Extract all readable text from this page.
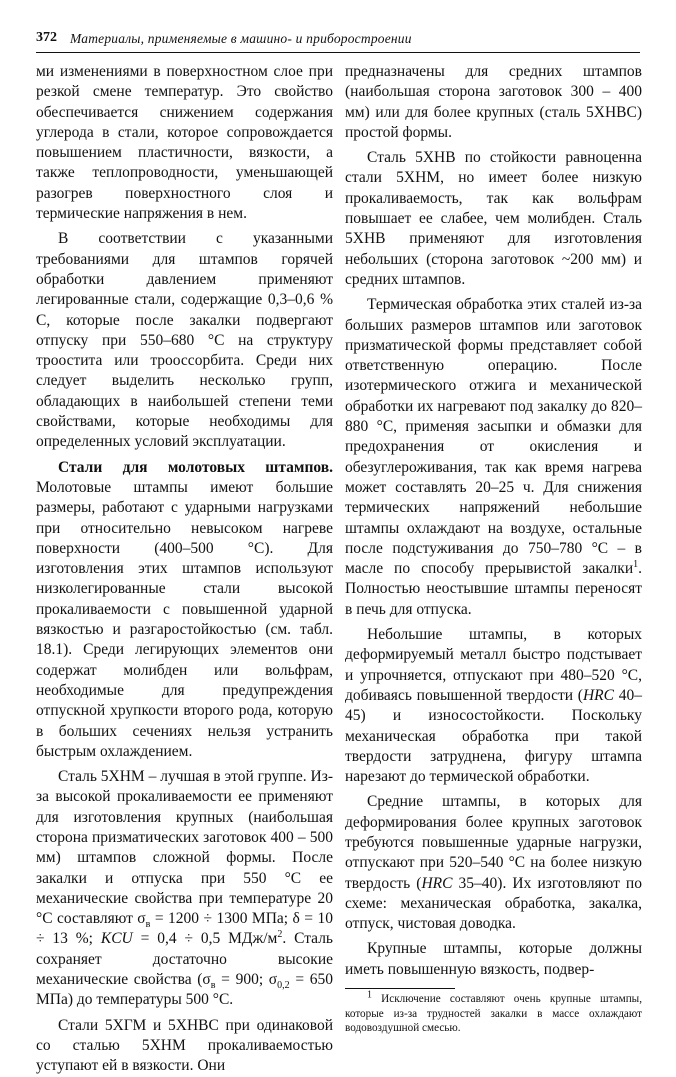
372 Материалы, применяемые в машино- и приборостроении

ми изменениями в поверхностном слое при резкой смене температур. Это свойство обеспечивается снижением содержания углерода в стали, которое сопровождается повышением пластичности, вязкости, а также теплопроводности, уменьшающей разогрев поверхностного слоя и термические напряжения в нем.

В соответствии с указанными требованиями для штампов горячей обработки давлением применяют легированные стали, содержащие 0,3–0,6 % С, которые после закалки подвергают отпуску при 550–680 °С на структуру троостита или трооссорбита. Среди них следует выделить несколько групп, обладающих в наибольшей степени теми свойствами, которые необходимы для определенных условий эксплуатации.

Стали для молотовых штампов. Молотовые штампы имеют большие размеры, работают с ударными нагрузками при относительно невысоком нагреве поверхности (400–500 °С). Для изготовления этих штампов используют низколегированные стали высокой прокаливаемости с повышенной ударной вязкостью и разгаростойкостью (см. табл. 18.1). Среди легирующих элементов они содержат молибден или вольфрам, необходимые для предупреждения отпускной хрупкости второго рода, которую в больших сечениях нельзя устранить быстрым охлаждением.

Сталь 5ХНМ – лучшая в этой группе. Из-за высокой прокаливаемости ее применяют для изготовления крупных (наибольшая сторона призматических заготовок 400 – 500 мм) штампов сложной формы. После закалки и отпуска при 550 °С ее механические свойства при температуре 20 °С составляют $\sigma_в = 1200 \div 1300$ МПа; δ = 10 ÷ 13 %; KCU = 0,4 ÷ 0,5 МДж/$м^2$. Сталь сохраняет достаточно высокие механические свойства ($\sigma_в = 900$; $\sigma_{0,2} = 650$ МПа) до температуры 500 °С.

Стали 5ХГМ и 5ХНВС при одинаковой со сталью 5ХНМ прокаливаемостью уступают ей в вязкости. Они

предназначены для средних штампов (наибольшая сторона заготовок 300 – 400 мм) или для более крупных (сталь 5ХНВС) простой формы.

Сталь 5ХНВ по стойкости равноценна стали 5ХНМ, но имеет более низкую прокаливаемость, так как вольфрам повышает ее слабее, чем молибден. Сталь 5ХНВ применяют для изготовления небольших (сторона заготовок ~200 мм) и средних штампов.

Термическая обработка этих сталей из-за больших размеров штампов или заготовок призматической формы представляет собой ответственную операцию. После изотермического отжига и механической обработки их нагревают под закалку до 820–880 °С, применяя засыпки и обмазки для предохранения от окисления и обезуглероживания, так как время нагрева может составлять 20–25 ч. Для снижения термических напряжений небольшие штампы охлаждают на воздухе, остальные после подстуживания до 750–780 °С – в масле по способу прерывистой закалки$^1$. Полностью неостывшие штампы переносят в печь для отпуска.

Небольшие штампы, в которых деформируемый металл быстро подстывает и упрочняется, отпускают при 480–520 °С, добиваясь повышенной твердости (HRC 40–45) и износостойкости. Поскольку механическая обработка при такой твердости затруднена, фигуру штампа нарезают до термической обработки.

Средние штампы, в которых для деформирования более крупных заготовок требуются повышенные ударные нагрузки, отпускают при 520–540 °С на более низкую твердость (HRC 35–40). Их изготовляют по схеме: механическая обработка, закалка, отпуск, чистовая доводка.

Крупные штампы, которые должны иметь повышенную вязкость, подвер-

$^1$ Исключение составляют очень крупные штампы, которые из-за трудностей закалки в массе охлаждают водовоздушной смесью.
